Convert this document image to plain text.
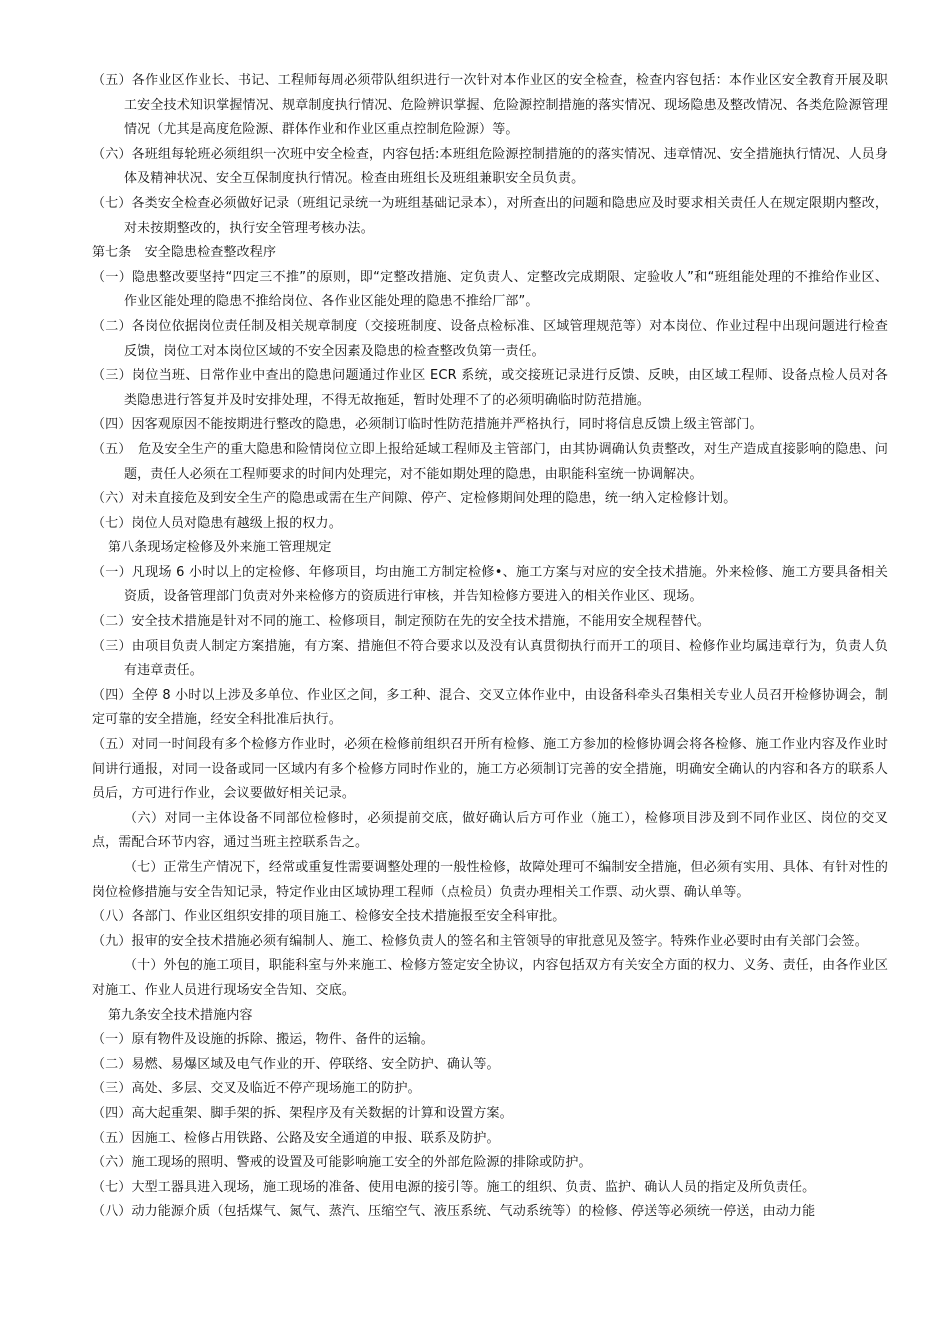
（五）各作业区作业长、书记、工程师每周必须带队组织进行一次针对本作业区的安全检查，检查内容包括：本作业区安全教育开展及职工安全技术知识掌握情况、规章制度执行情况、危险辨识掌握、危险源控制措施的落实情况、现场隐患及整改情况、各类危险源管理情况（尤其是高度危险源、群体作业和作业区重点控制危险源）等。

（六）各班组每轮班必须组织一次班中安全检查，内容包括:本班组危险源控制措施的的落实情况、违章情况、安全措施执行情况、人员身体及精神状况、安全互保制度执行情况。检查由班组长及班组兼职安全员负责。

（七）各类安全检查必须做好记录（班组记录统一为班组基础记录本），对所查出的问题和隐患应及时要求相关责任人在规定限期内整改，对未按期整改的，执行安全管理考核办法。

第七条　安全隐患检查整改程序

（一）隐患整改要坚持“四定三不推”的原则，即“定整改措施、定负责人、定整改完成期限、定验收人”和“班组能处理的不推给作业区、作业区能处理的隐患不推给岗位、各作业区能处理的隐患不推给厂部”。

（二）各岗位依据岗位责任制及相关规章制度（交接班制度、设备点检标准、区域管理规范等）对本岗位、作业过程中出现问题进行检查反馈，岗位工对本岗位区域的不安全因素及隐患的检查整改负第一责任。

（三）岗位当班、日常作业中查出的隐患问题通过作业区 ECR 系统，或交接班记录进行反馈、反映，由区域工程师、设备点检人员对各类隐患进行答复并及时安排处理，不得无故拖延，暂时处理不了的必须明确临时防范措施。

（四）因客观原因不能按期进行整改的隐患，必须制订临时性防范措施并严格执行，同时将信息反馈上级主管部门。

（五）　危及安全生产的重大隐患和险情岗位立即上报给延域工程师及主管部门，由其协调确认负责整改，对生产造成直接影响的隐患、问题，责任人必须在工程师要求的时间内处理完，对不能如期处理的隐患，由职能科室统一协调解决。

（六）对未直接危及到安全生产的隐患或需在生产间隙、停产、定检修期间处理的隐患，统一纳入定检修计划。

（七）岗位人员对隐患有越级上报的权力。

第八条现场定检修及外来施工管理规定

（一）凡现场 6 小时以上的定检修、年修项目，均由施工方制定检修•、施工方案与对应的安全技术措施。外来检修、施工方要具备相关资质，设备管理部门负责对外来检修方的资质进行审核，并告知检修方要进入的相关作业区、现场。

（二）安全技术措施是针对不同的施工、检修项目，制定预防在先的安全技术措施，不能用安全规程替代。

（三）由项目负责人制定方案措施，有方案、措施但不符合要求以及没有认真贯彻执行而开工的项目、检修作业均属违章行为，负责人负有违章责任。

（四）全停 8 小时以上涉及多单位、作业区之间，多工种、混合、交叉立体作业中，由设备科牵头召集相关专业人员召开检修协调会，制定可靠的安全措施，经安全科批准后执行。

（五）对同一时间段有多个检修方作业时，必须在检修前组织召开所有检修、施工方参加的检修协调会将各检修、施工作业内容及作业时间讲行通报，对同一设备或同一区域内有多个检修方同时作业的，施工方必须制订完善的安全措施，明确安全确认的内容和各方的联系人员后，方可进行作业，会议要做好相关记录。

（六）对同一主体设备不同部位检修时，必须提前交底，做好确认后方可作业（施工），检修项目涉及到不同作业区、岗位的交叉点，需配合环节内容，通过当班主控联系告之。

（七）正常生产情况下，经常或重复性需要调整处理的一般性检修，故障处理可不编制安全措施，但必须有实用、具体、有针对性的岗位检修措施与安全告知记录，特定作业由区域协理工程师（点检员）负责办理相关工作票、动火票、确认单等。

（八）各部门、作业区组织安排的项目施工、检修安全技术措施报至安全科审批。

（九）报审的安全技术措施必须有编制人、施工、检修负责人的签名和主管领导的审批意见及签字。特殊作业必要时由有关部门会签。

（十）外包的施工项目，职能科室与外来施工、检修方签定安全协议，内容包括双方有关安全方面的权力、义务、责任，由各作业区对施工、作业人员进行现场安全告知、交底。

第九条安全技术措施内容

（一）原有物件及设施的拆除、搬运，物件、备件的运输。

（二）易燃、易爆区域及电气作业的开、停联络、安全防护、确认等。

（三）高处、多层、交叉及临近不停产现场施工的防护。

（四）高大起重架、脚手架的拆、架程序及有关数据的计算和设置方案。

（五）因施工、检修占用铁路、公路及安全通道的申报、联系及防护。

（六）施工现场的照明、警戒的设置及可能影响施工安全的外部危险源的排除或防护。

（七）大型工器具进入现场，施工现场的准备、使用电源的接引等。施工的组织、负责、监护、确认人员的指定及所负责任。

（八）动力能源介质（包括煤气、氮气、蒸汽、压缩空气、液压系统、气动系统等）的检修、停送等必须统一停送，由动力能
